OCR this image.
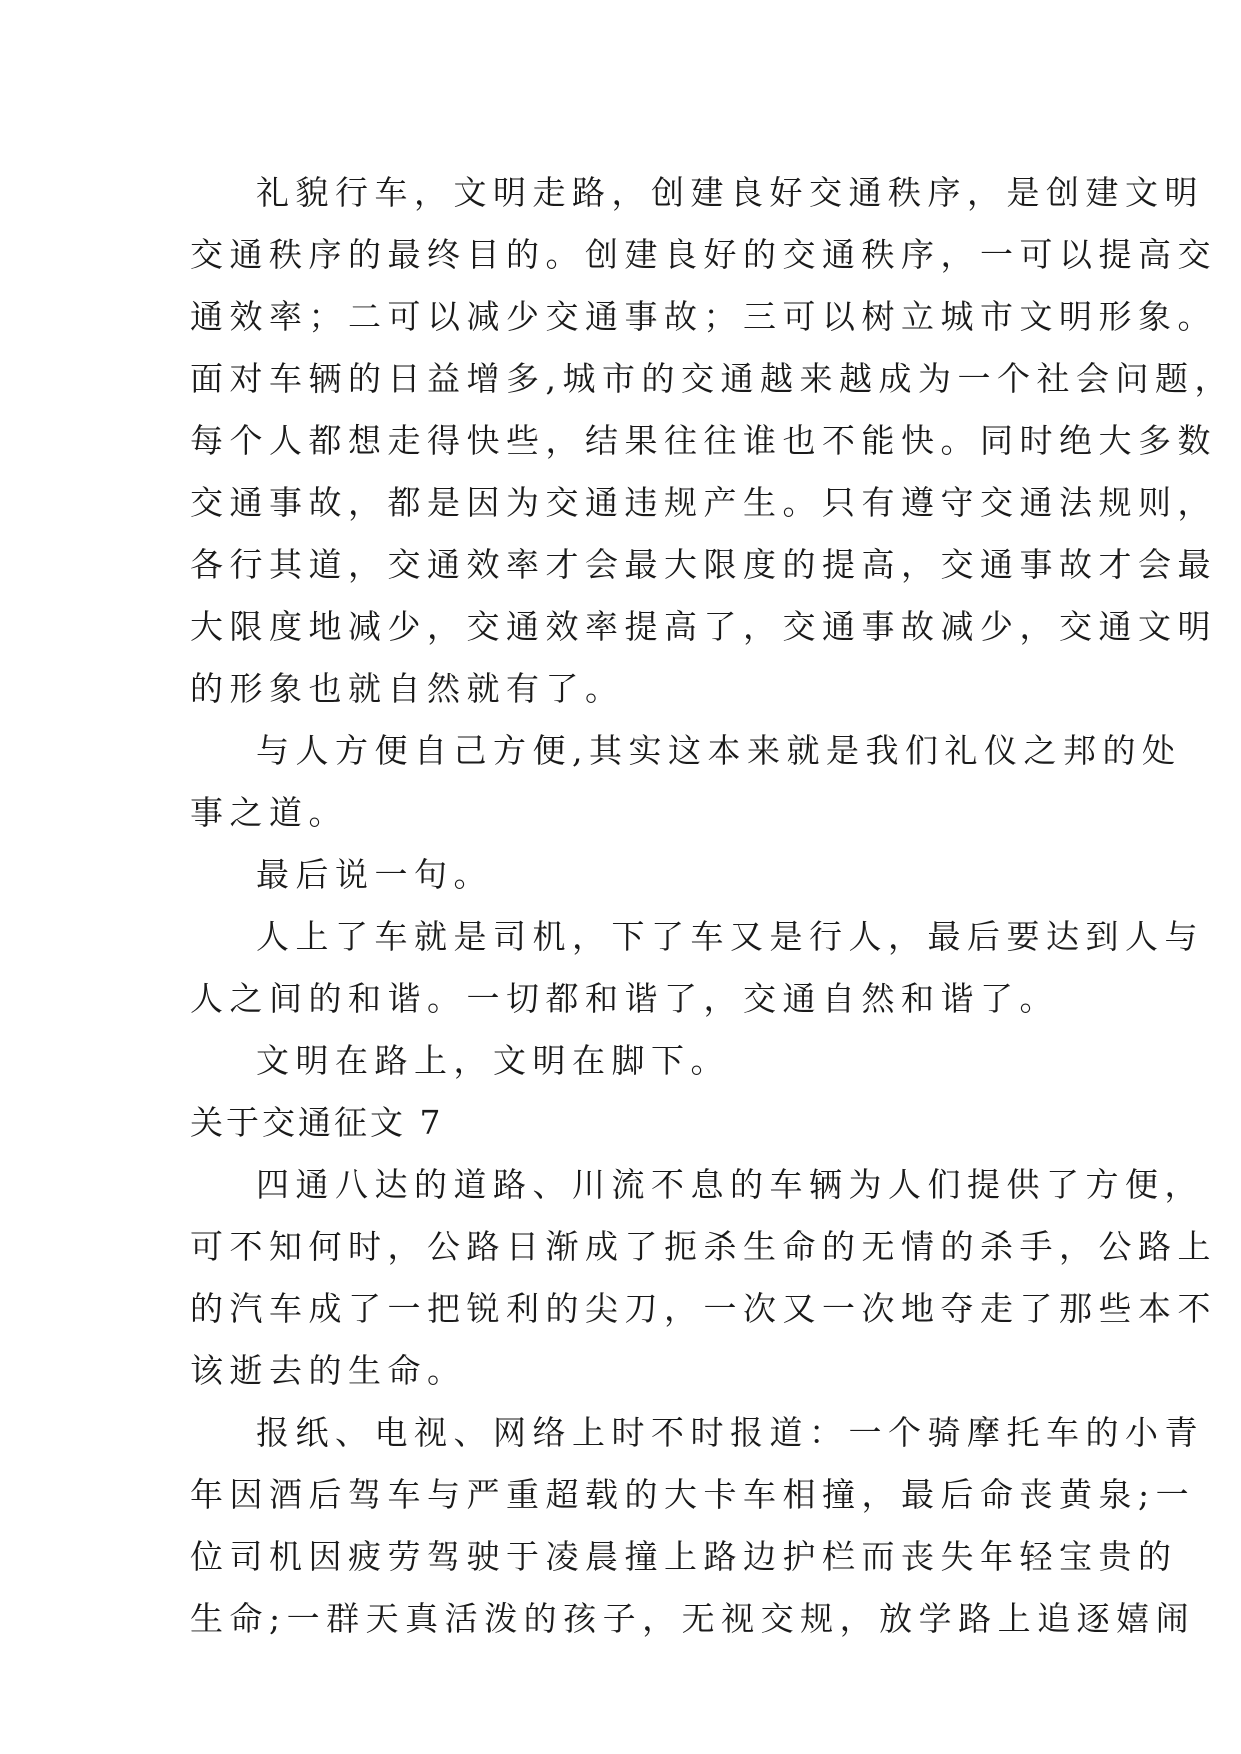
礼貌行车，文明走路，创建良好交通秩序，是创建文明
交通秩序的最终目的。创建良好的交通秩序，一可以提高交
通效率；二可以减少交通事故；三可以树立城市文明形象。
面对车辆的日益增多,城市的交通越来越成为一个社会问题，
每个人都想走得快些，结果往往谁也不能快。同时绝大多数
交通事故，都是因为交通违规产生。只有遵守交通法规则，
各行其道，交通效率才会最大限度的提高，交通事故才会最
大限度地减少，交通效率提高了，交通事故减少，交通文明
的形象也就自然就有了。
与人方便自己方便,其实这本来就是我们礼仪之邦的处
事之道。
最后说一句。
人上了车就是司机，下了车又是行人，最后要达到人与
人之间的和谐。一切都和谐了，交通自然和谐了。
文明在路上，文明在脚下。
关于交通征文 7
四通八达的道路、川流不息的车辆为人们提供了方便，
可不知何时，公路日渐成了扼杀生命的无情的杀手，公路上
的汽车成了一把锐利的尖刀，一次又一次地夺走了那些本不
该逝去的生命。
报纸、电视、网络上时不时报道：一个骑摩托车的小青
年因酒后驾车与严重超载的大卡车相撞，最后命丧黄泉;一
位司机因疲劳驾驶于凌晨撞上路边护栏而丧失年轻宝贵的
生命;一群天真活泼的孩子，无视交规，放学路上追逐嬉闹
